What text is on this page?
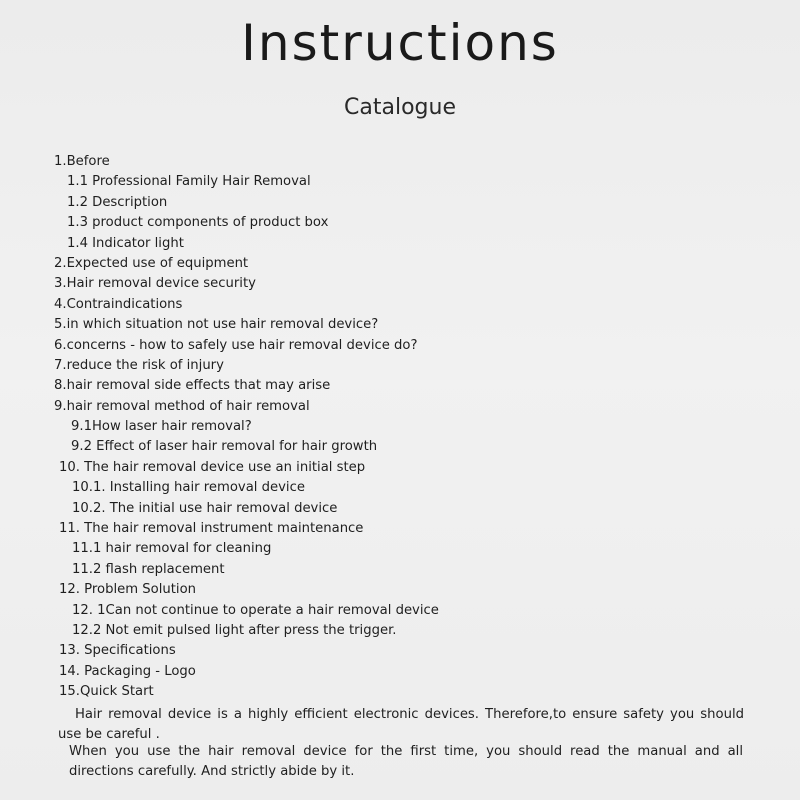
Instructions
Catalogue
1.Before
1.1 Professional Family Hair Removal
1.2 Description
1.3 product components of product box
1.4 Indicator light
2.Expected use of equipment
3.Hair removal device security
4.Contraindications
5.in which situation not use hair removal device?
6.concerns - how to safely use hair removal device do?
7.reduce the risk of injury
8.hair removal side effects that may arise
9.hair removal method of hair removal
9.1How laser hair removal?
9.2 Effect of laser hair removal for hair growth
10. The hair removal device use an initial step
10.1. Installing hair removal device
10.2. The initial use hair removal device
11. The hair removal instrument maintenance
11.1 hair removal for cleaning
11.2 flash replacement
12. Problem Solution
12. 1Can not continue to operate a hair removal device
12.2 Not emit pulsed light after press the trigger.
13. Specifications
14. Packaging - Logo
15.Quick Start

Hair removal device is a highly efficient electronic devices. Therefore,to ensure safety you should use be careful .

When you use the hair removal device for the first time, you should read the manual and all directions carefully. And strictly abide by it.
